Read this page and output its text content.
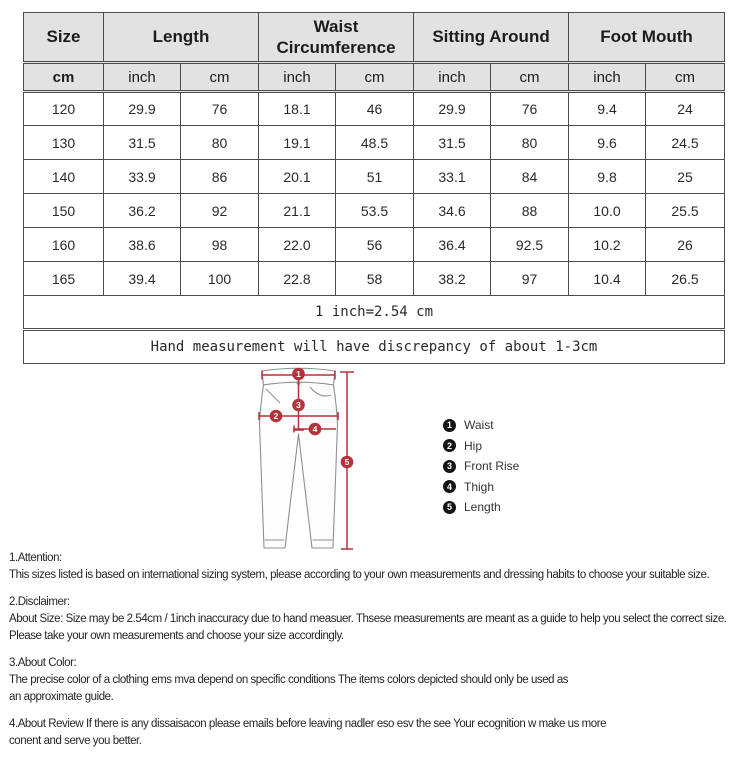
Size	Length		Waist Circumference		Sitting Around		Foot Mouth	
cm	inch	cm	inch	cm	inch	cm	inch	cm
120	29.9	76	18.1	46	29.9	76	9.4	24
130	31.5	80	19.1	48.5	31.5	80	9.6	24.5
140	33.9	86	20.1	51	33.1	84	9.8	25
150	36.2	92	21.1	53.5	34.6	88	10.0	25.5
160	38.6	98	22.0	56	36.4	92.5	10.2	26
165	39.4	100	22.8	58	38.2	97	10.4	26.5
1 inch=2.54 cm								
Hand measurement will have discrepancy of about 1-3cm								
1
2
3
4
5
1	Waist
2	Hip
3	Front Rise
4	Thigh
5	Length
1.Attention:
This sizes listed is based on international sizing system, please according to your own measurements and dressing habits to choose your suitable size.
2.Disclaimer:
About Size: Size may be 2.54cm / 1inch inaccuracy due to hand measuer. Thsese measurements are meant as a guide to help you select the correct size.
Please take your own measurements and choose your size accordingly.
3.About Color:
The precise color of a clothing ems mva depend on specific conditions The items colors depicted should only be used as
an approximate guide.
4.About Review If there is any dissaisacon please emails before leaving nadler eso esv the see Your ecognition w make us more
conent and serve you better.
